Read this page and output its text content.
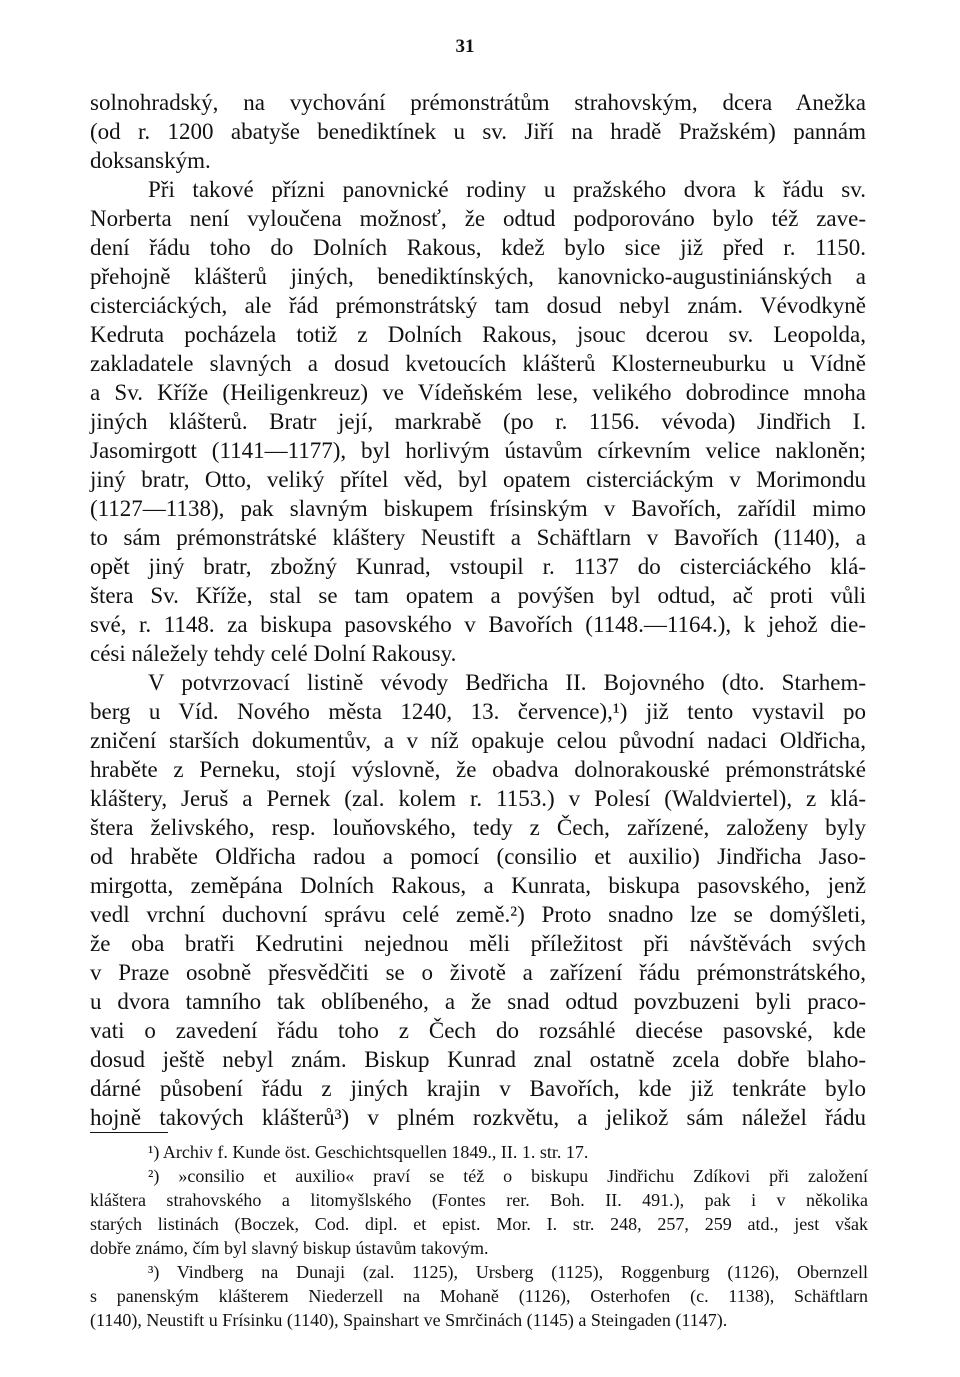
31
solnohradský, na vychování prémonstrátům strahovským, dcera Anežka
(od r. 1200 abatyše benediktínek u sv. Jiří na hradě Pražském) pannám
doksanským.
Při takové přízni panovnické rodiny u pražského dvora k řádu sv.
Norberta není vyloučena možnosť, že odtud podporováno bylo též zave-
dení řádu toho do Dolních Rakous, kdež bylo sice již před r. 1150.
přehojně klášterů jiných, benediktínských, kanovnicko-augustiniánských a
cisterciáckých, ale řád prémonstrátský tam dosud nebyl znám. Vévodkyně
Kedruta pocházela totiž z Dolních Rakous, jsouc dcerou sv. Leopolda,
zakladatele slavných a dosud kvetoucích klášterů Klosterneuburku u Vídně
a Sv. Kříže (Heiligenkreuz) ve Vídeňském lese, velikého dobrodince mnoha
jiných klášterů. Bratr její, markrabě (po r. 1156. vévoda) Jindřich I.
Jasomirgott (1141—1177), byl horlivým ústavům církevním velice nakloněn;
jiný bratr, Otto, veliký přítel věd, byl opatem cisterciáckým v Morimondu
(1127—1138), pak slavným biskupem frísinským v Bavořích, zařídil mimo
to sám prémonstrátské kláštery Neustift a Schäftlarn v Bavořích (1140), a
opět jiný bratr, zbožný Kunrad, vstoupil r. 1137 do cisterciáckého klá-
štera Sv. Kříže, stal se tam opatem a povýšen byl odtud, ač proti vůli
své, r. 1148. za biskupa pasovského v Bavořích (1148.—1164.), k jehož die-
cési náležely tehdy celé Dolní Rakousy.
V potvrzovací listině vévody Bedřicha II. Bojovného (dto. Starhem-
berg u Víd. Nového města 1240, 13. července),¹) již tento vystavil po
zničení starších dokumentův, a v níž opakuje celou původní nadaci Oldřicha,
hraběte z Perneku, stojí výslovně, že obadva dolnorakouské prémonstrátské
kláštery, Jeruš a Pernek (zal. kolem r. 1153.) v Polesí (Waldviertel), z klá-
štera želivského, resp. louňovského, tedy z Čech, zařízené, založeny byly
od hraběte Oldřicha radou a pomocí (consilio et auxilio) Jindřicha Jaso-
mirgotta, zeměpána Dolních Rakous, a Kunrata, biskupa pasovského, jenž
vedl vrchní duchovní správu celé země.²) Proto snadno lze se domýšleti,
že oba bratři Kedrutini nejednou měli příležitost při návštěvách svých
v Praze osobně přesvědčiti se o životě a zařízení řádu prémonstrátského,
u dvora tamního tak oblíbeného, a že snad odtud povzbuzeni byli praco-
vati o zavedení řádu toho z Čech do rozsáhlé diecése pasovské, kde
dosud ještě nebyl znám. Biskup Kunrad znal ostatně zcela dobře blaho-
dárné působení řádu z jiných krajin v Bavořích, kde již tenkráte bylo
hojně takových klášterů³) v plném rozkvětu, a jelikož sám náležel řádu
¹) Archiv f. Kunde öst. Geschichtsquellen 1849., II. 1. str. 17.
²) »consilio et auxilio« praví se též o biskupu Jindřichu Zdíkovi při založení
kláštera strahovského a litomyšlského (Fontes rer. Boh. II. 491.), pak i v několika
starých listinách (Boczek, Cod. dipl. et epist. Mor. I. str. 248, 257, 259 atd., jest však
dobře známo, čím byl slavný biskup ústavům takovým.
³) Vindberg na Dunaji (zal. 1125), Ursberg (1125), Roggenburg (1126), Obernzell
s panenským klášterem Niederzell na Mohaně (1126), Osterhofen (c. 1138), Schäftlarn
(1140), Neustift u Frísinku (1140), Spainshart ve Smrčinách (1145) a Steingaden (1147).
